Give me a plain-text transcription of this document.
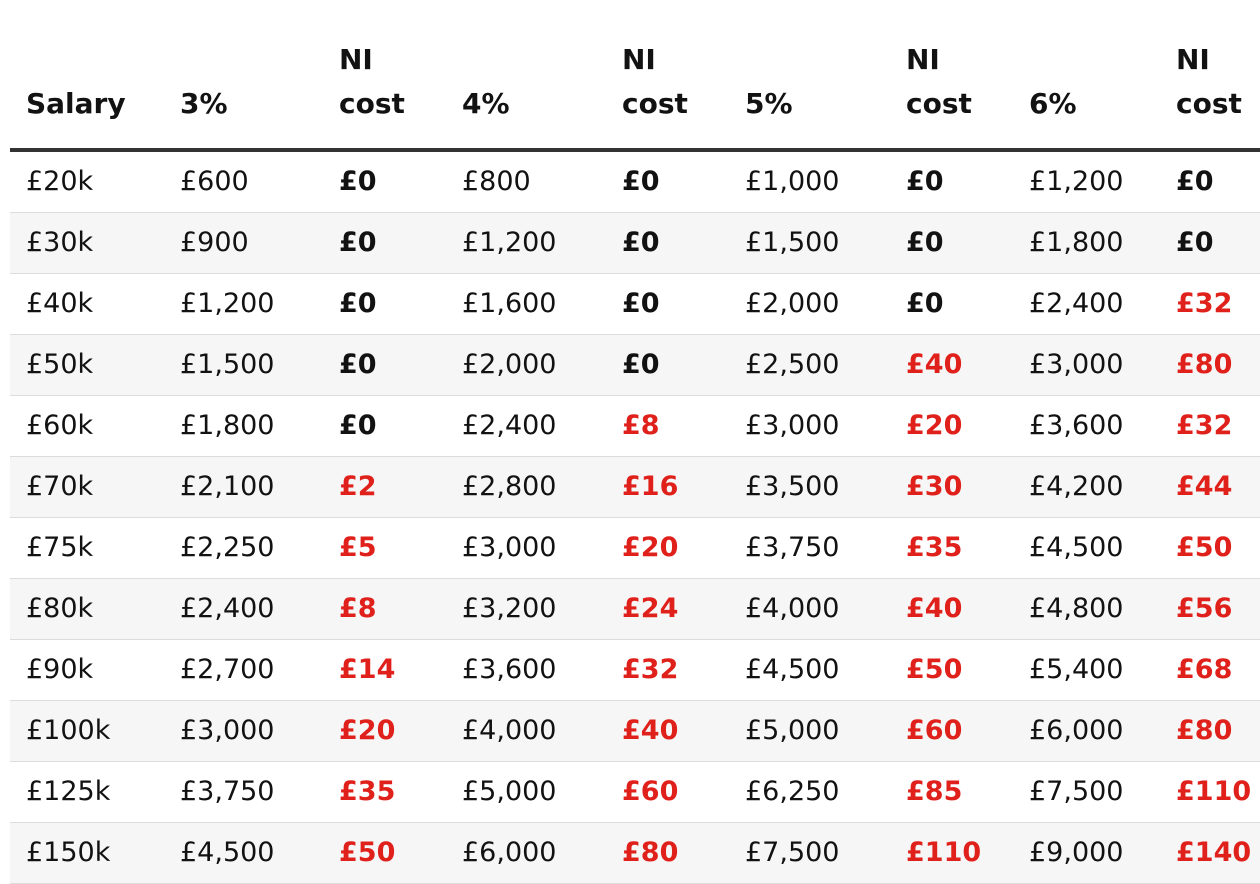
Salary	3%	NI cost	4%	NI cost	5%	NI cost	6%	NI cost
£20k	£600	£0	£800	£0	£1,000	£0	£1,200	£0
£30k	£900	£0	£1,200	£0	£1,500	£0	£1,800	£0
£40k	£1,200	£0	£1,600	£0	£2,000	£0	£2,400	£32
£50k	£1,500	£0	£2,000	£0	£2,500	£40	£3,000	£80
£60k	£1,800	£0	£2,400	£8	£3,000	£20	£3,600	£32
£70k	£2,100	£2	£2,800	£16	£3,500	£30	£4,200	£44
£75k	£2,250	£5	£3,000	£20	£3,750	£35	£4,500	£50
£80k	£2,400	£8	£3,200	£24	£4,000	£40	£4,800	£56
£90k	£2,700	£14	£3,600	£32	£4,500	£50	£5,400	£68
£100k	£3,000	£20	£4,000	£40	£5,000	£60	£6,000	£80
£125k	£3,750	£35	£5,000	£60	£6,250	£85	£7,500	£110
£150k	£4,500	£50	£6,000	£80	£7,500	£110	£9,000	£140
